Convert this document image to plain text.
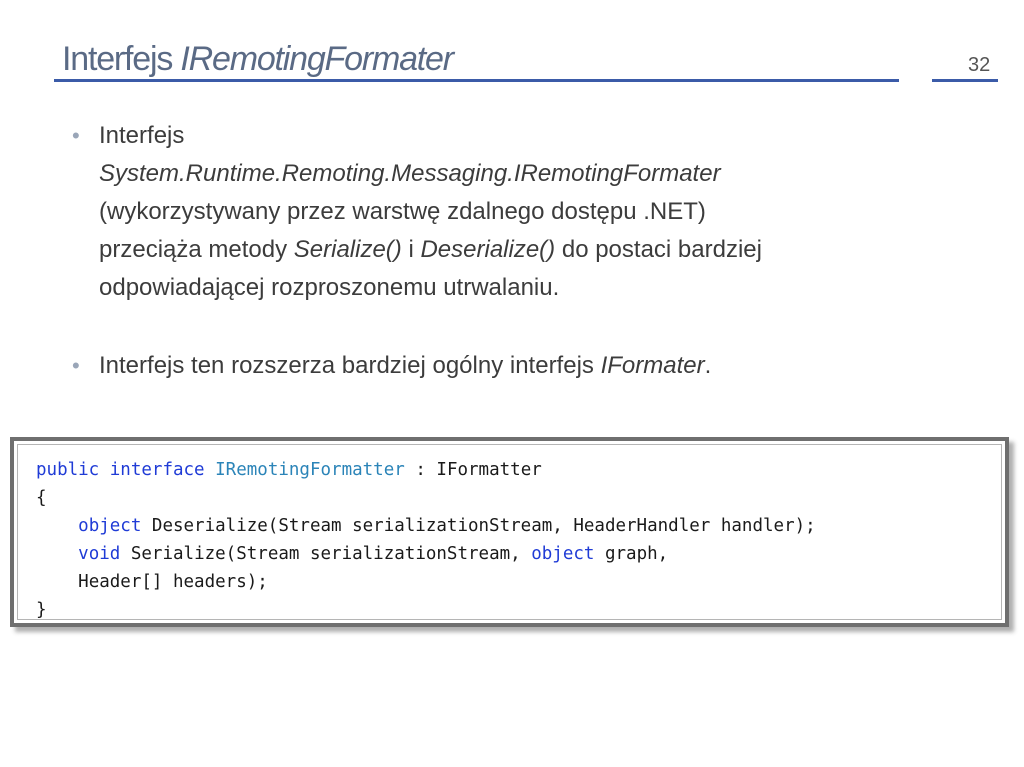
Interfejs IRemotingFormater	32
• Interfejs
System.Runtime.Remoting.Messaging.IRemotingFormater
(wykorzystywany przez warstwę zdalnego dostępu .NET)
przeciąża metody Serialize() i Deserialize() do postaci bardziej
odpowiadającej rozproszonemu utrwalaniu.
• Interfejs ten rozszerza bardziej ogólny interfejs IFormater.
public interface IRemotingFormatter : IFormatter
{
object Deserialize(Stream serializationStream, HeaderHandler handler);
void Serialize(Stream serializationStream, object graph,
Header[] headers);
}
